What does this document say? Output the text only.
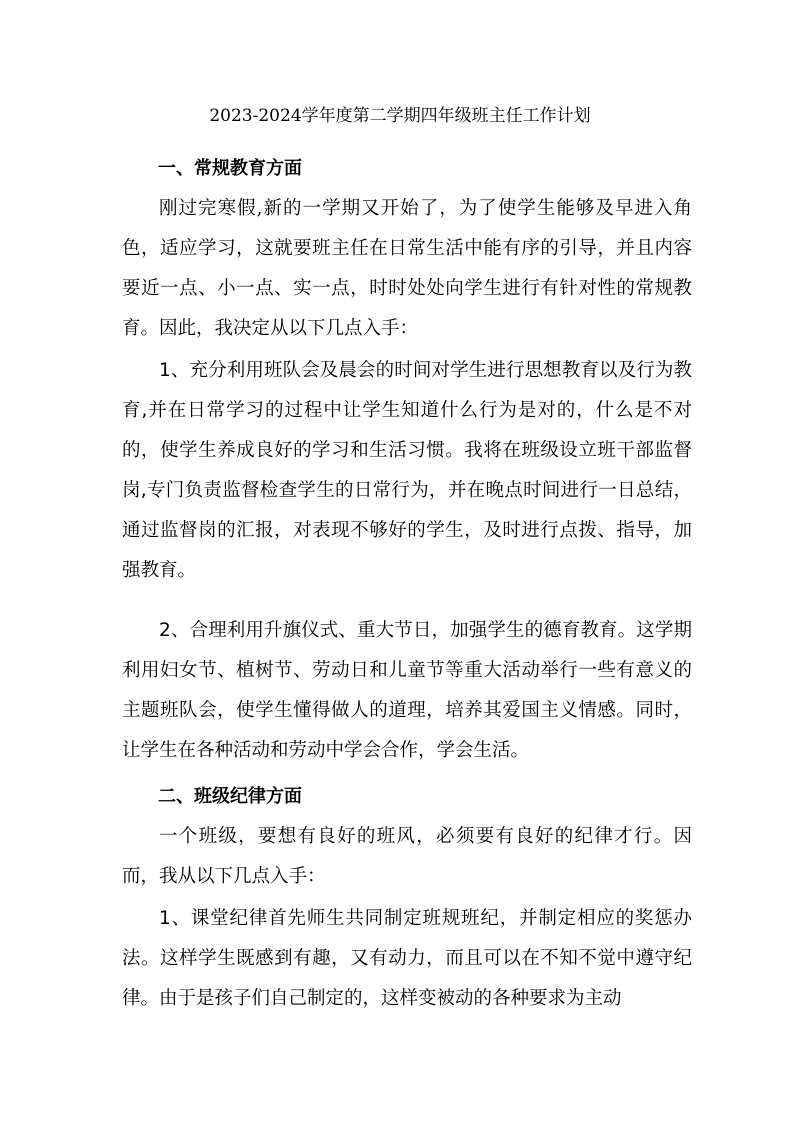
2023-2024学年度第二学期四年级班主任工作计划
一、常规教育方面

刚过完寒假,新的一学期又开始了，为了使学生能够及早进入角色，适应学习，这就要班主任在日常生活中能有序的引导，并且内容要近一点、小一点、实一点，时时处处向学生进行有针对性的常规教育。因此，我决定从以下几点入手：

1、充分利用班队会及晨会的时间对学生进行思想教育以及行为教育,并在日常学习的过程中让学生知道什么行为是对的，什么是不对的，使学生养成良好的学习和生活习惯。我将在班级设立班干部监督岗,专门负责监督检查学生的日常行为，并在晚点时间进行一日总结，通过监督岗的汇报，对表现不够好的学生，及时进行点拨、指导，加强教育。

2、合理利用升旗仪式、重大节日，加强学生的德育教育。这学期利用妇女节、植树节、劳动日和儿童节等重大活动举行一些有意义的主题班队会，使学生懂得做人的道理，培养其爱国主义情感。同时，让学生在各种活动和劳动中学会合作，学会生活。

二、班级纪律方面

一个班级，要想有良好的班风，必须要有良好的纪律才行。因而，我从以下几点入手：

1、课堂纪律首先师生共同制定班规班纪，并制定相应的奖惩办法。这样学生既感到有趣，又有动力，而且可以在不知不觉中遵守纪律。由于是孩子们自己制定的，这样变被动的各种要求为主动
